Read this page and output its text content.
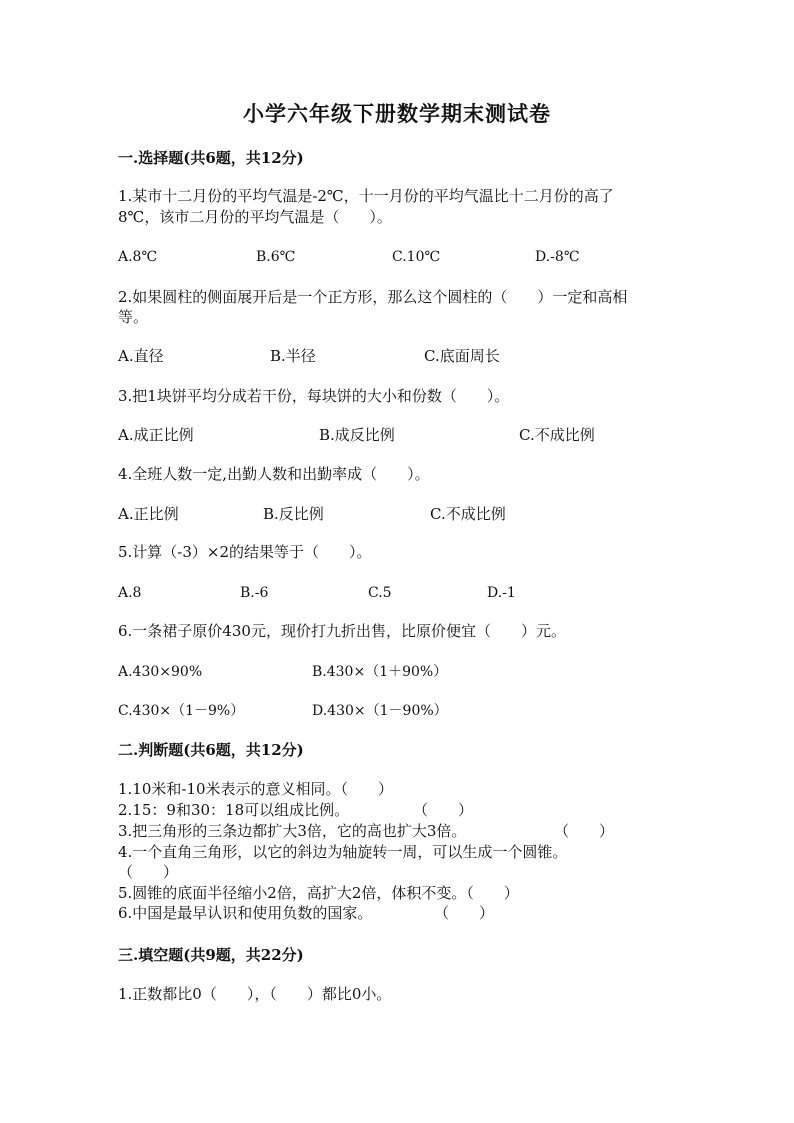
小学六年级下册数学期末测试卷
一.选择题(共6题，共12分)
1.某市十二月份的平均气温是-2℃，十一月份的平均气温比十二月份的高了
8℃，该市二月份的平均气温是（　　）。
A.8℃	B.6℃	C.10℃	D.-8℃
2.如果圆柱的侧面展开后是一个正方形，那么这个圆柱的（　　）一定和高相
等。
A.直径	B.半径	C.底面周长
3.把1块饼平均分成若干份，每块饼的大小和份数（　　）。
A.成正比例	B.成反比例	C.不成比例
4.全班人数一定,出勤人数和出勤率成（　　）。
A.正比例	B.反比例	C.不成比例
5.计算（-3）×2的结果等于（　　）。
A.8	B.-6	C.5	D.-1
6.一条裙子原价430元，现价打九折出售，比原价便宜（　　）元。
A.430×90%	B.430×（1＋90%）
C.430×（1－9%）	D.430×（1－90%）
二.判断题(共6题，共12分)
1.10米和-10米表示的意义相同。（　　）
2.15：9和30：18可以组成比例。	（　　）
3.把三角形的三条边都扩大3倍，它的高也扩大3倍。	（　　）
4.一个直角三角形，以它的斜边为轴旋转一周，可以生成一个圆锥。
（　　）
5.圆锥的底面半径缩小2倍，高扩大2倍，体积不变。（　　）
6.中国是最早认识和使用负数的国家。	（　　）
三.填空题(共9题，共22分)
1.正数都比0（　　），（　　）都比0小。
